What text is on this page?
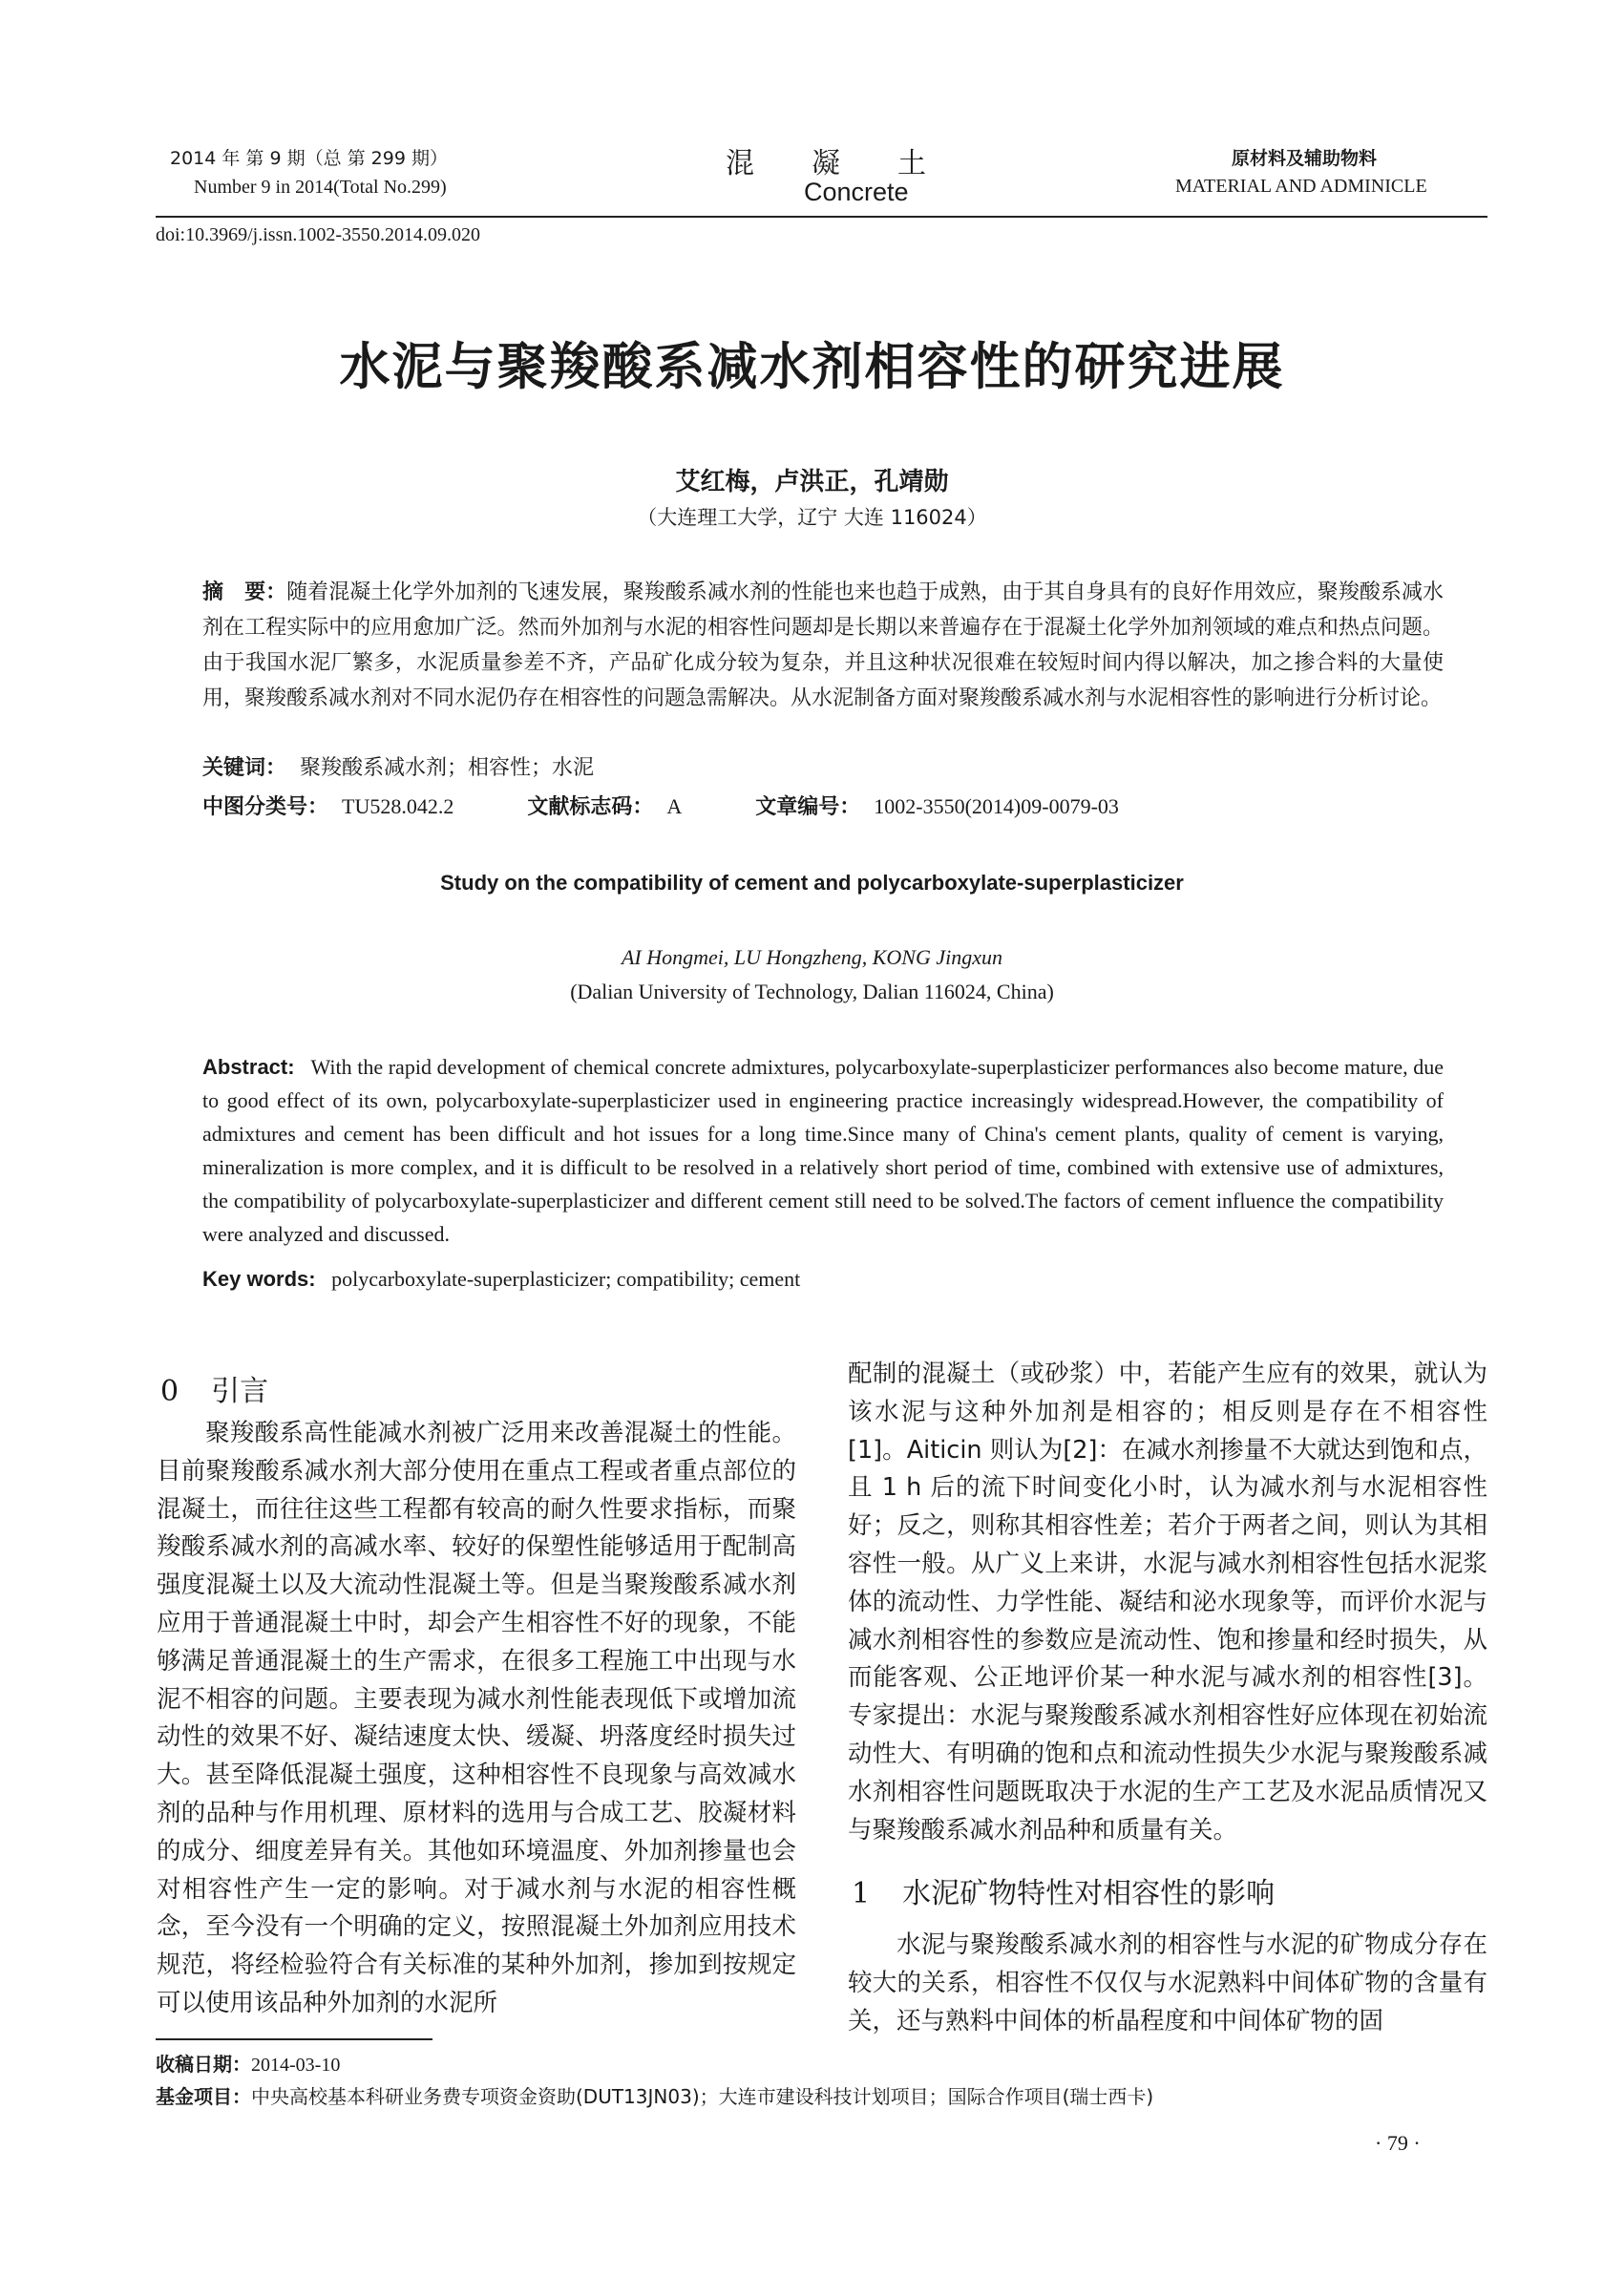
2014 年 第 9 期（总 第 299 期）
Number 9 in 2014(Total No.299)
混　　凝　　土
Concrete
原材料及辅助物料
MATERIAL AND ADMINICLE
doi:10.3969/j.issn.1002-3550.2014.09.020
水泥与聚羧酸系减水剂相容性的研究进展
艾红梅，卢洪正，孔靖勋
（大连理工大学，辽宁 大连 116024）
摘　要：随着混凝土化学外加剂的飞速发展，聚羧酸系减水剂的性能也来也趋于成熟，由于其自身具有的良好作用效应，聚羧酸系减水剂在工程实际中的应用愈加广泛。然而外加剂与水泥的相容性问题却是长期以来普遍存在于混凝土化学外加剂领域的难点和热点问题。由于我国水泥厂繁多，水泥质量参差不齐，产品矿化成分较为复杂，并且这种状况很难在较短时间内得以解决，加之掺合料的大量使用，聚羧酸系减水剂对不同水泥仍存在相容性的问题急需解决。从水泥制备方面对聚羧酸系减水剂与水泥相容性的影响进行分析讨论。
关键词： 聚羧酸系减水剂；相容性；水泥
中图分类号： TU528.042.2	文献标志码： A	文章编号： 1002-3550(2014)09-0079-03
Study on the compatibility of cement and polycarboxylate-superplasticizer
AI Hongmei, LU Hongzheng, KONG Jingxun
(Dalian University of Technology, Dalian 116024, China)
Abstract: With the rapid development of chemical concrete admixtures, polycarboxylate-superplasticizer performances also become mature, due to good effect of its own, polycarboxylate-superplasticizer used in engineering practice increasingly widespread.However, the compatibility of admixtures and cement has been difficult and hot issues for a long time.Since many of China's cement plants, quality of cement is varying, mineralization is more complex, and it is difficult to be resolved in a relatively short period of time, combined with extensive use of admixtures, the compatibility of polycarboxylate-superplasticizer and different cement still need to be solved.The factors of cement influence the compatibility were analyzed and discussed.
Key words: polycarboxylate-superplasticizer; compatibility; cement
0 引言
聚羧酸系高性能减水剂被广泛用来改善混凝土的性能。目前聚羧酸系减水剂大部分使用在重点工程或者重点部位的混凝土，而往往这些工程都有较高的耐久性要求指标，而聚羧酸系减水剂的高减水率、较好的保塑性能够适用于配制高强度混凝土以及大流动性混凝土等。但是当聚羧酸系减水剂应用于普通混凝土中时，却会产生相容性不好的现象，不能够满足普通混凝土的生产需求，在很多工程施工中出现与水泥不相容的问题。主要表现为减水剂性能表现低下或增加流动性的效果不好、凝结速度太快、缓凝、坍落度经时损失过大。甚至降低混凝土强度，这种相容性不良现象与高效减水剂的品种与作用机理、原材料的选用与合成工艺、胶凝材料的成分、细度差异有关。其他如环境温度、外加剂掺量也会对相容性产生一定的影响。对于减水剂与水泥的相容性概念，至今没有一个明确的定义，按照混凝土外加剂应用技术规范，将经检验符合有关标准的某种外加剂，掺加到按规定可以使用该品种外加剂的水泥所
配制的混凝土（或砂浆）中，若能产生应有的效果，就认为该水泥与这种外加剂是相容的；相反则是存在不相容性[1]。Aiticin 则认为[2]：在减水剂掺量不大就达到饱和点，且 1 h 后的流下时间变化小时，认为减水剂与水泥相容性好；反之，则称其相容性差；若介于两者之间，则认为其相容性一般。从广义上来讲，水泥与减水剂相容性包括水泥浆体的流动性、力学性能、凝结和泌水现象等，而评价水泥与减水剂相容性的参数应是流动性、饱和掺量和经时损失，从而能客观、公正地评价某一种水泥与减水剂的相容性[3]。专家提出：水泥与聚羧酸系减水剂相容性好应体现在初始流动性大、有明确的饱和点和流动性损失少水泥与聚羧酸系减水剂相容性问题既取决于水泥的生产工艺及水泥品质情况又与聚羧酸系减水剂品种和质量有关。
1 水泥矿物特性对相容性的影响
水泥与聚羧酸系减水剂的相容性与水泥的矿物成分存在较大的关系，相容性不仅仅与水泥熟料中间体矿物的含量有关，还与熟料中间体的析晶程度和中间体矿物的固
收稿日期：2014-03-10
基金项目：中央高校基本科研业务费专项资金资助(DUT13JN03)；大连市建设科技计划项目；国际合作项目(瑞士西卡)
· 79 ·
